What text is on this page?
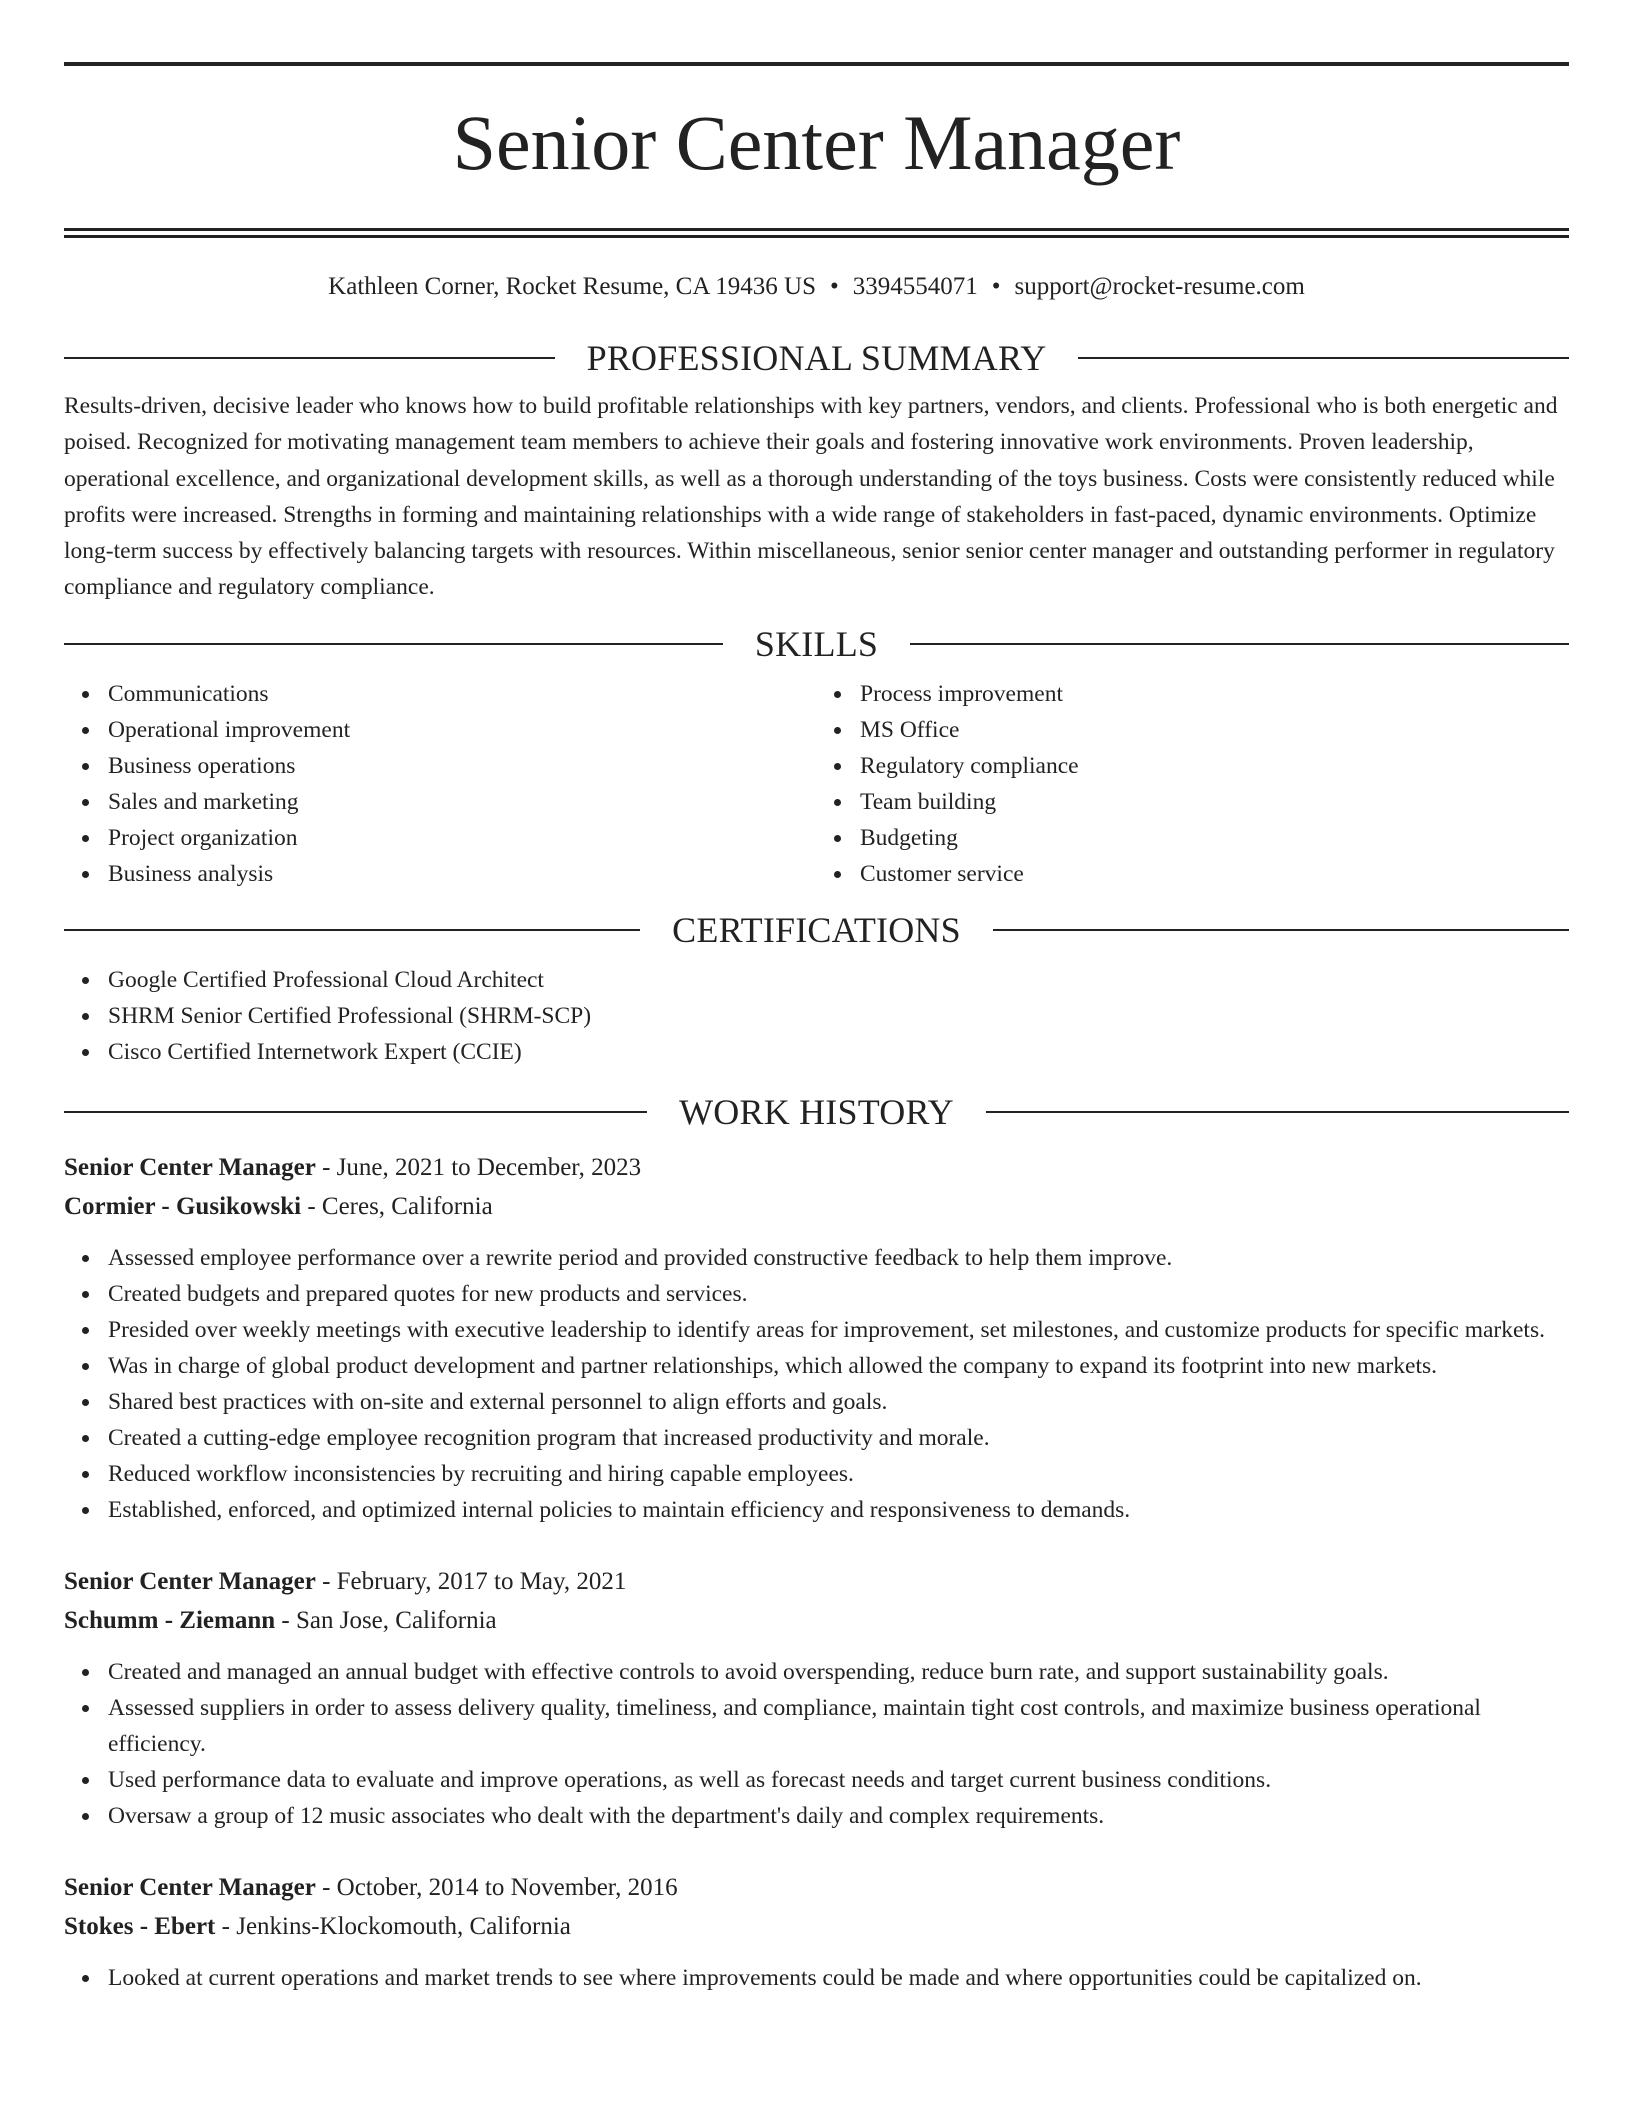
Senior Center Manager
Kathleen Corner, Rocket Resume, CA 19436 US • 3394554071 • support@rocket-resume.com
PROFESSIONAL SUMMARY

Results-driven, decisive leader who knows how to build profitable relationships with key partners, vendors, and clients. Professional who is both energetic and poised. Recognized for motivating management team members to achieve their goals and fostering innovative work environments. Proven leadership, operational excellence, and organizational development skills, as well as a thorough understanding of the toys business. Costs were consistently reduced while profits were increased. Strengths in forming and maintaining relationships with a wide range of stakeholders in fast-paced, dynamic environments. Optimize long-term success by effectively balancing targets with resources. Within miscellaneous, senior senior center manager and outstanding performer in regulatory compliance and regulatory compliance.

SKILLS
Communications
Operational improvement
Business operations
Sales and marketing
Project organization
Business analysis
Process improvement
MS Office
Regulatory compliance
Team building
Budgeting
Customer service
CERTIFICATIONS
Google Certified Professional Cloud Architect
SHRM Senior Certified Professional (SHRM-SCP)
Cisco Certified Internetwork Expert (CCIE)
WORK HISTORY
Senior Center Manager - June, 2021 to December, 2023
Cormier - Gusikowski - Ceres, California
Assessed employee performance over a rewrite period and provided constructive feedback to help them improve.
Created budgets and prepared quotes for new products and services.
Presided over weekly meetings with executive leadership to identify areas for improvement, set milestones, and customize products for specific markets.
Was in charge of global product development and partner relationships, which allowed the company to expand its footprint into new markets.
Shared best practices with on-site and external personnel to align efforts and goals.
Created a cutting-edge employee recognition program that increased productivity and morale.
Reduced workflow inconsistencies by recruiting and hiring capable employees.
Established, enforced, and optimized internal policies to maintain efficiency and responsiveness to demands.
Senior Center Manager - February, 2017 to May, 2021
Schumm - Ziemann - San Jose, California
Created and managed an annual budget with effective controls to avoid overspending, reduce burn rate, and support sustainability goals.
Assessed suppliers in order to assess delivery quality, timeliness, and compliance, maintain tight cost controls, and maximize business operational efficiency.
Used performance data to evaluate and improve operations, as well as forecast needs and target current business conditions.
Oversaw a group of 12 music associates who dealt with the department's daily and complex requirements.
Senior Center Manager - October, 2014 to November, 2016
Stokes - Ebert - Jenkins-Klockomouth, California
Looked at current operations and market trends to see where improvements could be made and where opportunities could be capitalized on.
